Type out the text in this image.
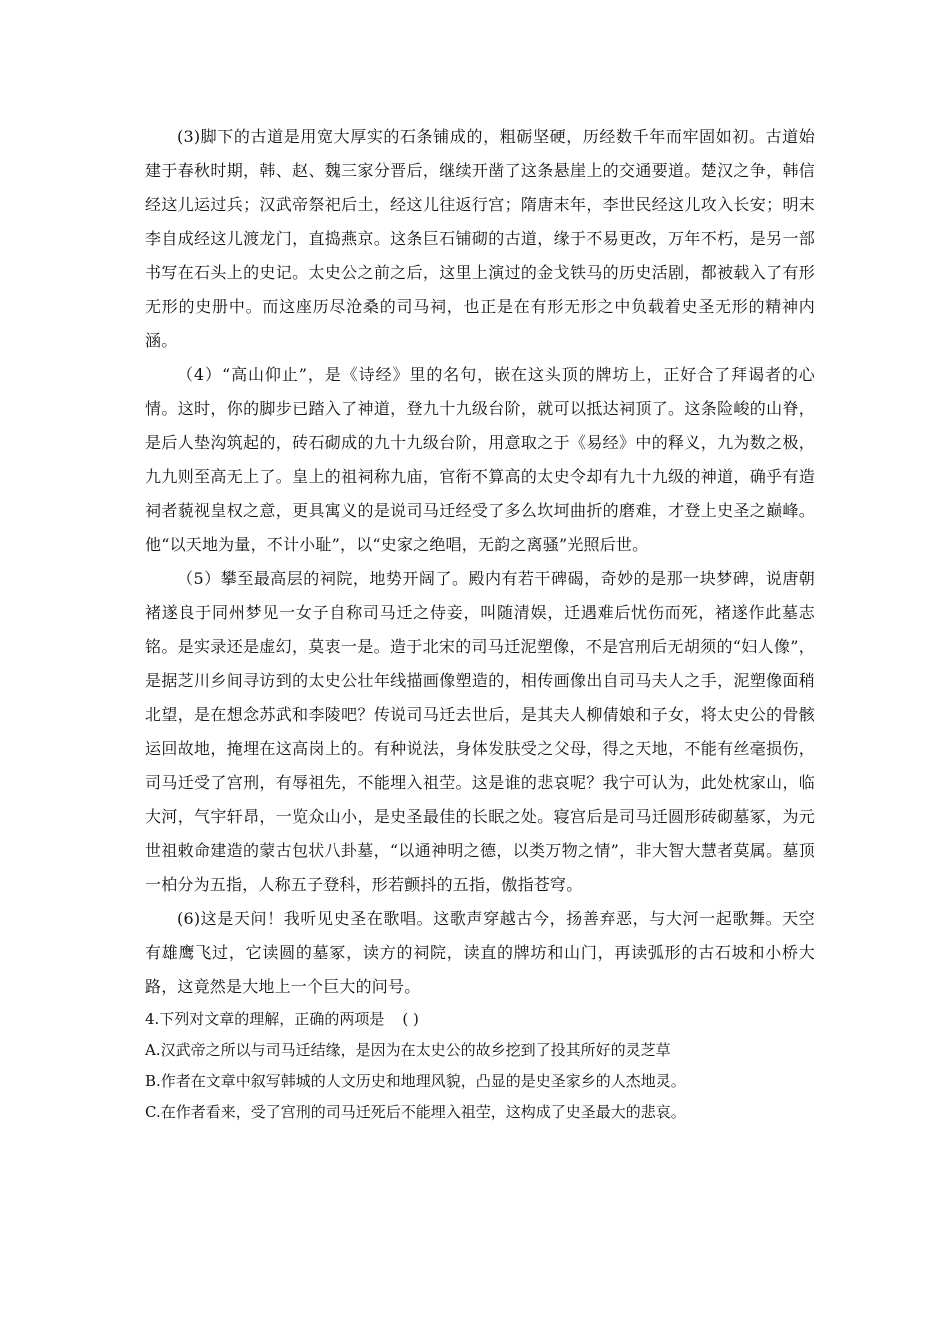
(3)脚下的古道是用宽大厚实的石条铺成的，粗砺坚硬，历经数千年而牢固如初。古道始建于春秋时期，韩、赵、魏三家分晋后，继续开凿了这条悬崖上的交通要道。楚汉之争，韩信经这儿运过兵；汉武帝祭祀后土，经这儿往返行宫；隋唐末年，李世民经这儿攻入长安；明末李自成经这儿渡龙门，直捣燕京。这条巨石铺砌的古道，缘于不易更改，万年不朽，是另一部书写在石头上的史记。太史公之前之后，这里上演过的金戈铁马的历史活剧，都被载入了有形无形的史册中。而这座历尽沧桑的司马祠，也正是在有形无形之中负载着史圣无形的精神内涵。

（4）“高山仰止”，是《诗经》里的名句，嵌在这头顶的牌坊上，正好合了拜谒者的心情。这时，你的脚步已踏入了神道，登九十九级台阶，就可以抵达祠顶了。这条险峻的山脊，是后人垫沟筑起的，砖石砌成的九十九级台阶，用意取之于《易经》中的释义，九为数之极，九九则至高无上了。皇上的祖祠称九庙，官衔不算高的太史令却有九十九级的神道，确乎有造祠者藐视皇权之意，更具寓义的是说司马迁经受了多么坎坷曲折的磨难，才登上史圣之巅峰。他“以天地为量，不计小耻”，以“史家之绝唱，无韵之离骚”光照后世。

（5）攀至最高层的祠院，地势开阔了。殿内有若干碑碣，奇妙的是那一块梦碑，说唐朝褚遂良于同州梦见一女子自称司马迁之侍妾，叫随清娱，迁遇难后忧伤而死，褚遂作此墓志铭。是实录还是虚幻，莫衷一是。造于北宋的司马迁泥塑像，不是宫刑后无胡须的“妇人像”，是据芝川乡间寻访到的太史公壮年线描画像塑造的，相传画像出自司马夫人之手，泥塑像面稍北望，是在想念苏武和李陵吧？传说司马迁去世后，是其夫人柳倩娘和子女，将太史公的骨骸运回故地，掩埋在这高岗上的。有种说法，身体发肤受之父母，得之天地，不能有丝毫损伤，司马迁受了宫刑，有辱祖先，不能埋入祖茔。这是谁的悲哀呢？我宁可认为，此处枕家山，临大河，气宇轩昂，一览众山小，是史圣最佳的长眠之处。寝宫后是司马迁圆形砖砌墓冢，为元世祖敕命建造的蒙古包状八卦墓，“以通神明之德，以类万物之情”，非大智大慧者莫属。墓顶一柏分为五指，人称五子登科，形若颤抖的五指，傲指苍穹。

(6)这是天问！我听见史圣在歌唱。这歌声穿越古今，扬善弃恶，与大河一起歌舞。天空有雄鹰飞过，它读圆的墓冢，读方的祠院，读直的牌坊和山门，再读弧形的古石坡和小桥大路，这竟然是大地上一个巨大的问号。

4.下列对文章的理解，正确的两项是 ( )

A.汉武帝之所以与司马迁结缘，是因为在太史公的故乡挖到了投其所好的灵芝草

B.作者在文章中叙写韩城的人文历史和地理风貌，凸显的是史圣家乡的人杰地灵。

C.在作者看来，受了宫刑的司马迁死后不能埋入祖茔，这构成了史圣最大的悲哀。
